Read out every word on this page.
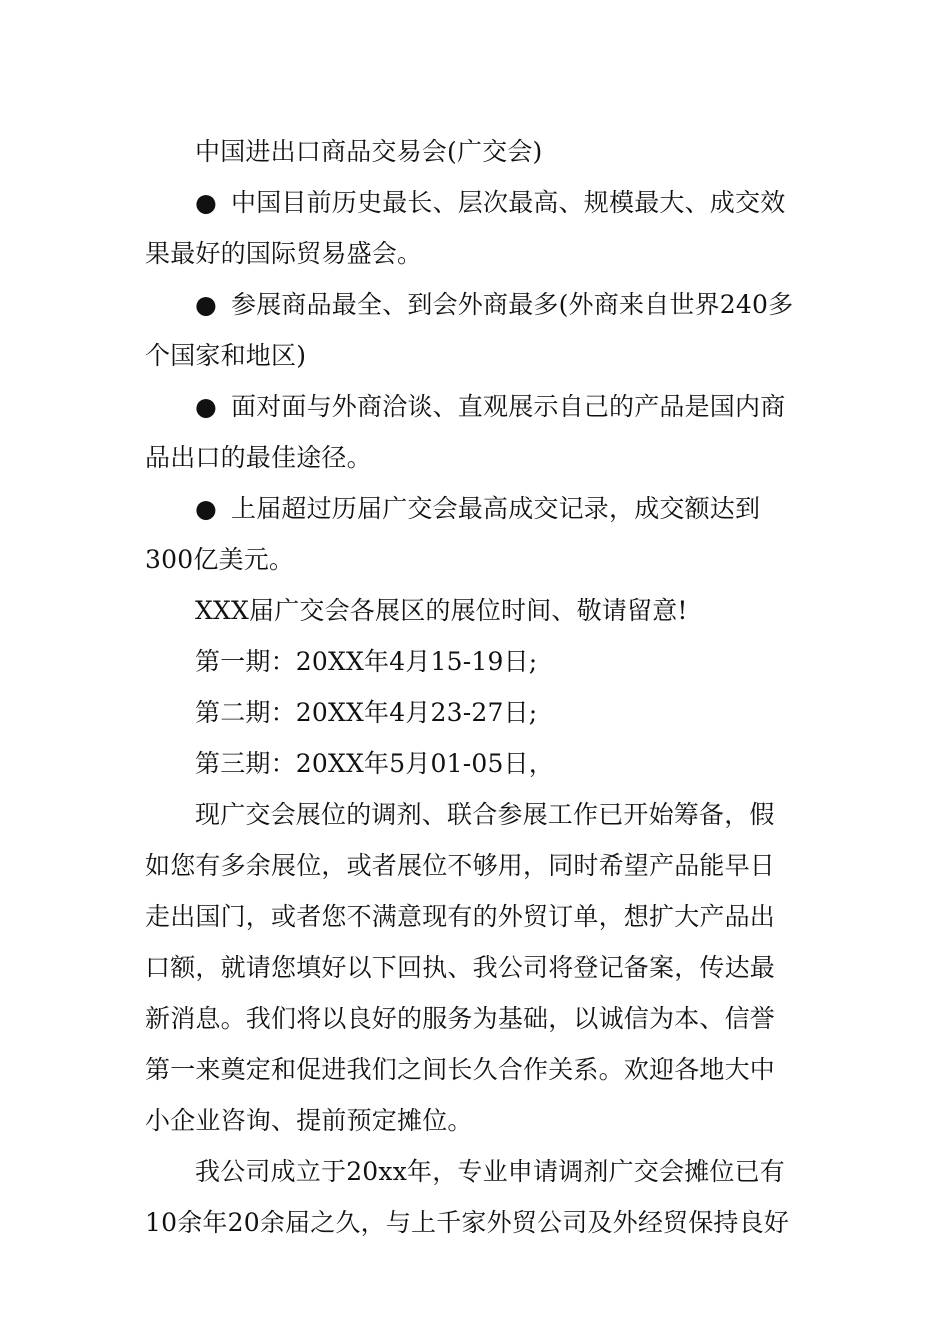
中国进出口商品交易会(广交会)
● 中国目前历史最长、层次最高、规模最大、成交效
果最好的国际贸易盛会。
● 参展商品最全、到会外商最多(外商来自世界240多
个国家和地区)
● 面对面与外商洽谈、直观展示自己的产品是国内商
品出口的最佳途径。
● 上届超过历届广交会最高成交记录，成交额达到
300亿美元。
XXX届广交会各展区的展位时间、敬请留意!
第一期：20XX年4月15-19日;
第二期：20XX年4月23-27日;
第三期：20XX年5月01-05日，
现广交会展位的调剂、联合参展工作已开始筹备，假
如您有多余展位，或者展位不够用，同时希望产品能早日
走出国门，或者您不满意现有的外贸订单，想扩大产品出
口额，就请您填好以下回执、我公司将登记备案，传达最
新消息。我们将以良好的服务为基础，以诚信为本、信誉
第一来奠定和促进我们之间长久合作关系。欢迎各地大中
小企业咨询、提前预定摊位。
我公司成立于20xx年，专业申请调剂广交会摊位已有
10余年20余届之久，与上千家外贸公司及外经贸保持良好
